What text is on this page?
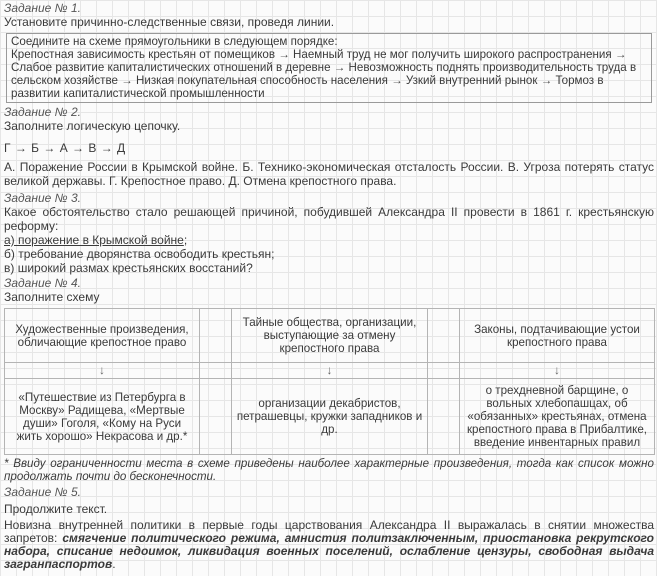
Задание № 1.

Установите причинно-следственные связи, проведя линии.

Соедините на схеме прямоугольники в следующем порядке:
Крепостная зависимость крестьян от помещиков → Наемный труд не мог получить широкого распространения →
Слабое развитие капиталистических отношений в деревне → Невозможность поднять производительность труда в
сельском хозяйстве → Низкая покупательная способность населения → Узкий внутренний рынок → Тормоз в
развитии капиталистической промышленности
Задание № 2.

Заполните логическую цепочку.

Г → Б → А → В → Д

А. Поражение России в Крымской войне. Б. Технико-экономическая отсталость России. В. Угроза потерять статус великой державы. Г. Крепостное право. Д. Отмена крепостного права.

Задание № 3.

Какое обстоятельство стало решающей причиной, побудившей Александра II провести в 1861 г. крестьянскую реформу:

а) поражение в Крымской войне;

б) требование дворянства освободить крестьян;

в) широкий размах крестьянских восстаний?

Задание № 4.

Заполните схему

Художественные произведения, обличающие крепостное право		Тайные общества, организации, выступающие за отмену крепостного права		Законы, подтачивающие устои крепостного права
↓		↓		↓
«Путешествие из Петербурга в Москву» Радищева, «Мертвые души» Гоголя, «Кому на Руси жить хорошо» Некрасова и др.*		организации декабристов, петрашевцы, кружки западников и др.		о трехдневной барщине, о вольных хлебопашцах, об «обязанных» крестьянах, отмена крепостного права в Прибалтике, введение инвентарных правил

* Ввиду ограниченности места в схеме приведены наиболее характерные произведения, тогда как список можно продолжать почти до бесконечности.

Задание № 5.

Продолжите текст.

Новизна внутренней политики в первые годы царствования Александра II выражалась в снятии множества запретов: смягчение политического режима, амнистия политзаключенным, приостановка рекрутского набора, списание недоимок, ликвидация военных поселений, ослабление цензуры, свободная выдача загранпаспортов.
